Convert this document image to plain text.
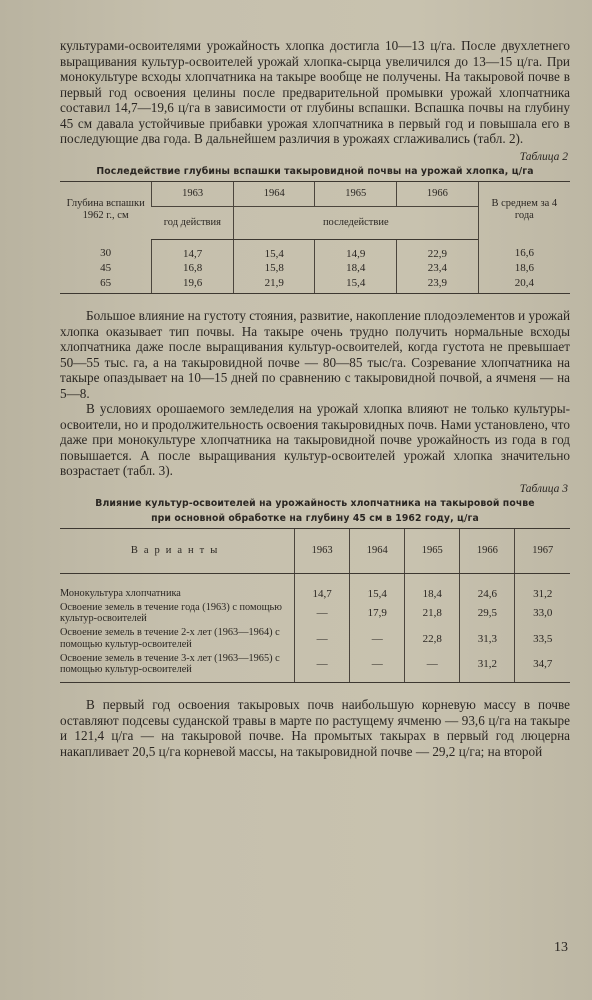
культурами-освоителями урожайность хлопка достигла 10—13 ц/га. После двухлетнего выращивания культур-освоителей урожай хлопка-сырца увеличился до 13—15 ц/га. При монокультуре всходы хлопчатника на такыре вообще не получены. На такыровой почве в первый год освоения целины после предварительной промывки урожай хлопчатника составил 14,7—19,6 ц/га в зависимости от глубины вспашки. Вспашка почвы на глубину 45 см давала устойчивые прибавки урожая хлопчатника в первый год и повышала его в последующие два года. В дальнейшем различия в урожаях сглаживались (табл. 2).

Таблица 2
Последействие глубины вспашки такыровидной почвы на урожай хлопка, ц/га
Глубина вспашки 1962 г., см	1963	1964	1965	1966	В среднем за 4 года
	год действия	последействие			
30	14,7	15,4	14,9	22,9	16,6
45	16,8	15,8	18,4	23,4	18,6
65	19,6	21,9	15,4	23,9	20,4

Большое влияние на густоту стояния, развитие, накопление плодоэлементов и урожай хлопка оказывает тип почвы. На такыре очень трудно получить нормальные всходы хлопчатника даже после выращивания культур-освоителей, когда густота не превышает 50—55 тыс. га, а на такыровидной почве — 80—85 тыс/га. Созревание хлопчатника на такыре опаздывает на 10—15 дней по сравнению с такыровидной почвой, а ячменя — на 5—8.

В условиях орошаемого земледелия на урожай хлопка влияют не только культуры-освоители, но и продолжительность освоения такыровидных почв. Нами установлено, что даже при монокультуре хлопчатника на такыровидной почве урожайность из года в год повышается. А после выращивания культур-освоителей урожай хлопка значительно возрастает (табл. 3).

Таблица 3
Влияние культур-освоителей на урожайность хлопчатника на такыровой почве
при основной обработке на глубину 45 см в 1962 году, ц/га
Варианты	1963	1964	1965	1966	1967
Монокультура хлопчатника	14,7	15,4	18,4	24,6	31,2
Освоение земель в течение года (1963) с помощью культур-освоителей	—	17,9	21,8	29,5	33,0
Освоение земель в течение 2-х лет (1963—1964) с помощью культур-освоителей	—	—	22,8	31,3	33,5
Освоение земель в течение 3-х лет (1963—1965) с помощью культур-освоителей	—	—	—	31,2	34,7

В первый год освоения такыровых почв наибольшую корневую массу в почве оставляют подсевы суданской травы в марте по растущему ячменю — 93,6 ц/га на такыре и 121,4 ц/га — на такыровой почве. На промытых такырах в первый год люцерна накапливает 20,5 ц/га корневой массы, на такыровидной почве — 29,2 ц/га; на второй

13
